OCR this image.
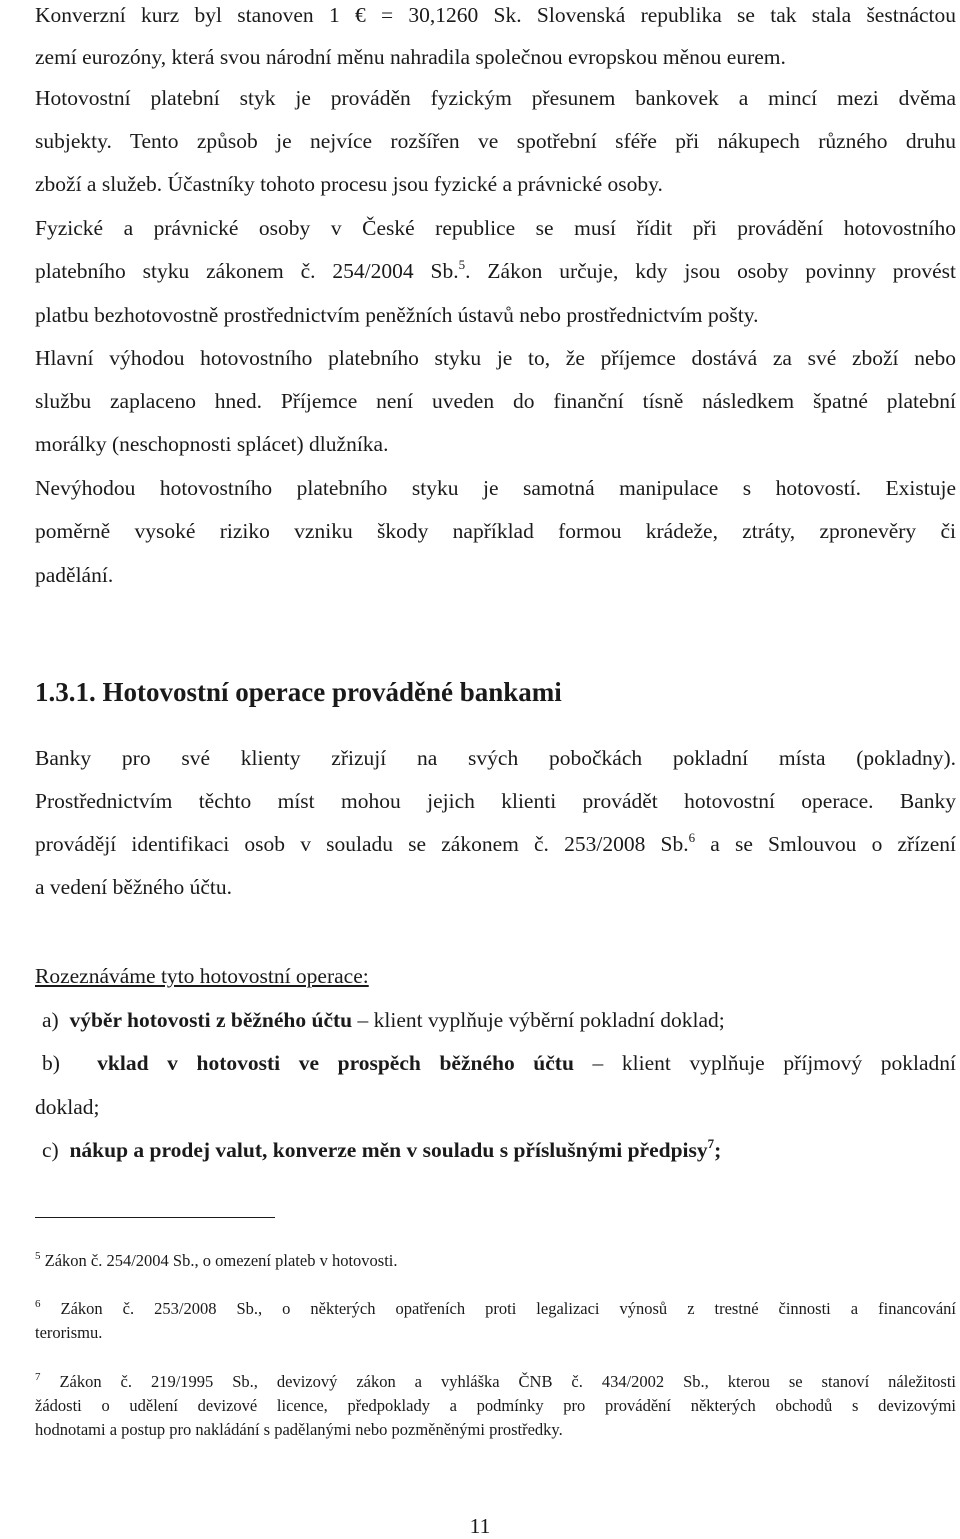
Konverzní kurz byl stanoven 1 € = 30,1260 Sk. Slovenská republika se tak stala šestnáctou
zemí eurozóny, která svou národní měnu nahradila společnou evropskou měnou eurem.
Hotovostní platební styk je prováděn fyzickým přesunem bankovek a mincí mezi dvěma
subjekty. Tento způsob je nejvíce rozšířen ve spotřební sféře při nákupech různého druhu
zboží a služeb. Účastníky tohoto procesu jsou fyzické a právnické osoby.
Fyzické a právnické osoby v České republice se musí řídit při provádění hotovostního
platebního styku zákonem č. 254/2004 Sb.$^5$. Zákon určuje, kdy jsou osoby povinny provést
platbu bezhotovostně prostřednictvím peněžních ústavů nebo prostřednictvím pošty.
Hlavní výhodou hotovostního platebního styku je to, že příjemce dostává za své zboží nebo
službu zaplaceno hned. Příjemce není uveden do finanční tísně následkem špatné platební
morálky (neschopnosti splácet) dlužníka.
Nevýhodou hotovostního platebního styku je samotná manipulace s hotovostí. Existuje
poměrně vysoké riziko vzniku škody například formou krádeže, ztráty, zpronevěry či
padělání.
1.3.1. Hotovostní operace prováděné bankami
Banky pro své klienty zřizují na svých pobočkách pokladní místa (pokladny).
Prostřednictvím těchto míst mohou jejich klienti provádět hotovostní operace. Banky
provádějí identifikaci osob v souladu se zákonem č. 253/2008 Sb.$^6$ a se Smlouvou o zřízení
a vedení běžného účtu.
Rozeznáváme tyto hotovostní operace:
a) výběr hotovosti z běžného účtu – klient vyplňuje výběrní pokladní doklad;
b) vklad v hotovosti ve prospěch běžného účtu – klient vyplňuje příjmový pokladní
doklad;
c) nákup a prodej valut, konverze měn v souladu s příslušnými předpisy$^7$;
$^5$ Zákon č. 254/2004 Sb., o omezení plateb v hotovosti.
$^6$ Zákon č. 253/2008 Sb., o některých opatřeních proti legalizaci výnosů z trestné činnosti a financování
terorismu.
$^7$ Zákon č. 219/1995 Sb., devizový zákon a vyhláška ČNB č. 434/2002 Sb., kterou se stanoví náležitosti
žádosti o udělení devizové licence, předpoklady a podmínky pro provádění některých obchodů s devizovými
hodnotami a postup pro nakládání s padělanými nebo pozměněnými prostředky.
11
